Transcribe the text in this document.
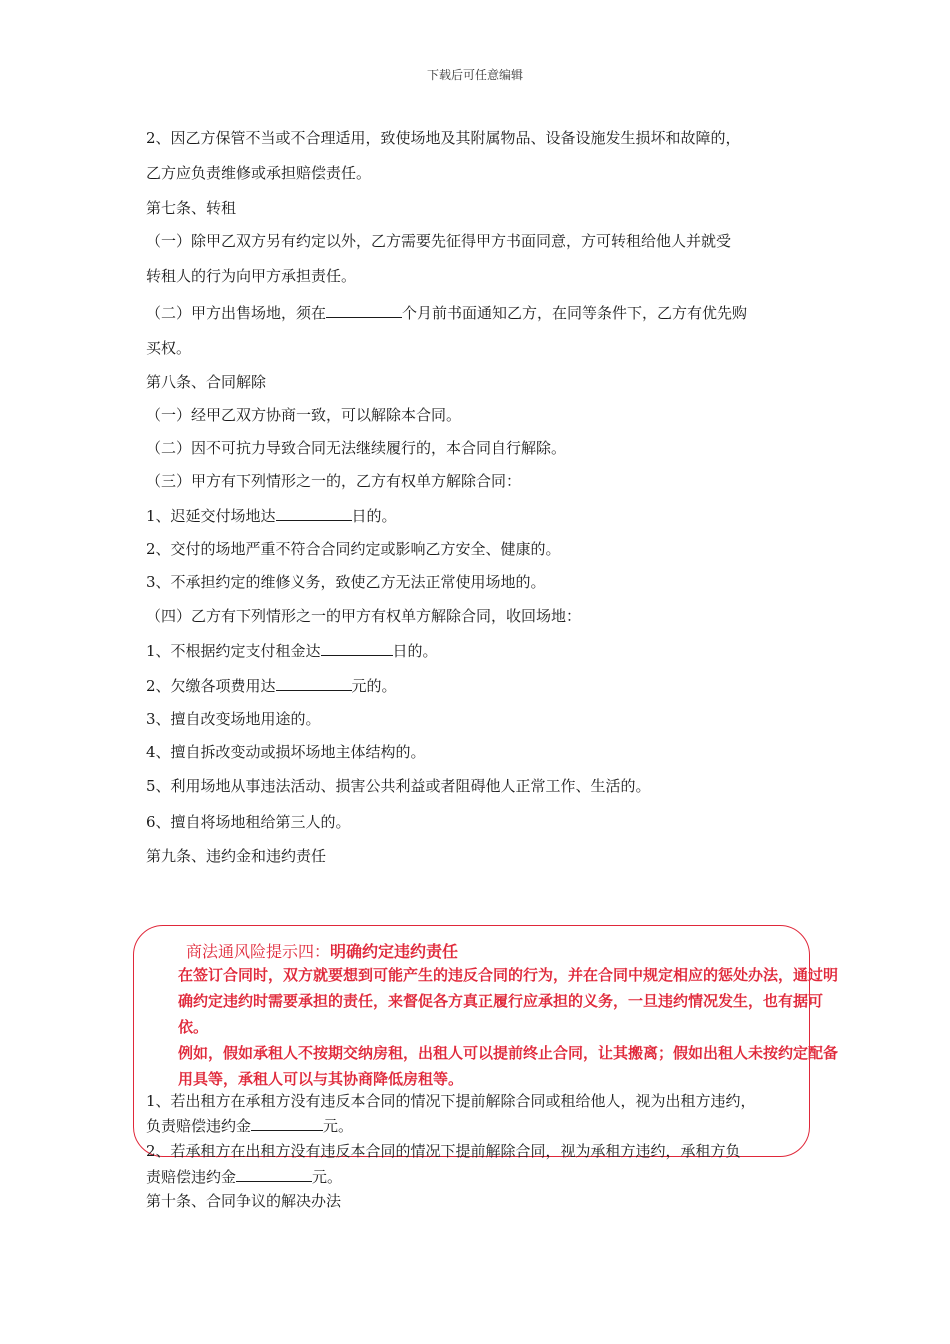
下载后可任意编辑
2、因乙方保管不当或不合理适用，致使场地及其附属物品、设备设施发生损坏和故障的，
乙方应负责维修或承担赔偿责任。
第七条、转租
（一）除甲乙双方另有约定以外，乙方需要先征得甲方书面同意，方可转租给他人并就受
转租人的行为向甲方承担责任。
（二）甲方出售场地，须在	个月前书面通知乙方，在同等条件下，乙方有优先购
买权。
第八条、合同解除
（一）经甲乙双方协商一致，可以解除本合同。
（二）因不可抗力导致合同无法继续履行的，本合同自行解除。
（三）甲方有下列情形之一的，乙方有权单方解除合同：
1、迟延交付场地达	日的。
2、交付的场地严重不符合合同约定或影响乙方安全、健康的。
3、不承担约定的维修义务，致使乙方无法正常使用场地的。
（四）乙方有下列情形之一的甲方有权单方解除合同，收回场地：
1、不根据约定支付租金达	日的。
2、欠缴各项费用达	元的。
3、擅自改变场地用途的。
4、擅自拆改变动或损坏场地主体结构的。
5、利用场地从事违法活动、损害公共利益或者阻碍他人正常工作、生活的。
6、擅自将场地租给第三人的。
第九条、违约金和违约责任
商法通风险提示四：明确约定违约责任
在签订合同时，双方就要想到可能产生的违反合同的行为，并在合同中规定相应的惩处办法，通过明确约定违约时需要承担的责任，来督促各方真正履行应承担的义务，一旦违约情况发生，也有据可依。
例如，假如承租人不按期交纳房租，出租人可以提前终止合同，让其搬离；假如出租人未按约定配备用具等，承租人可以与其协商降低房租等。
1、若出租方在承租方没有违反本合同的情况下提前解除合同或租给他人，视为出租方违约，
负责赔偿违约金	元。
2、若承租方在出租方没有违反本合同的情况下提前解除合同，视为承租方违约，承租方负
责赔偿违约金	元。
第十条、合同争议的解决办法
